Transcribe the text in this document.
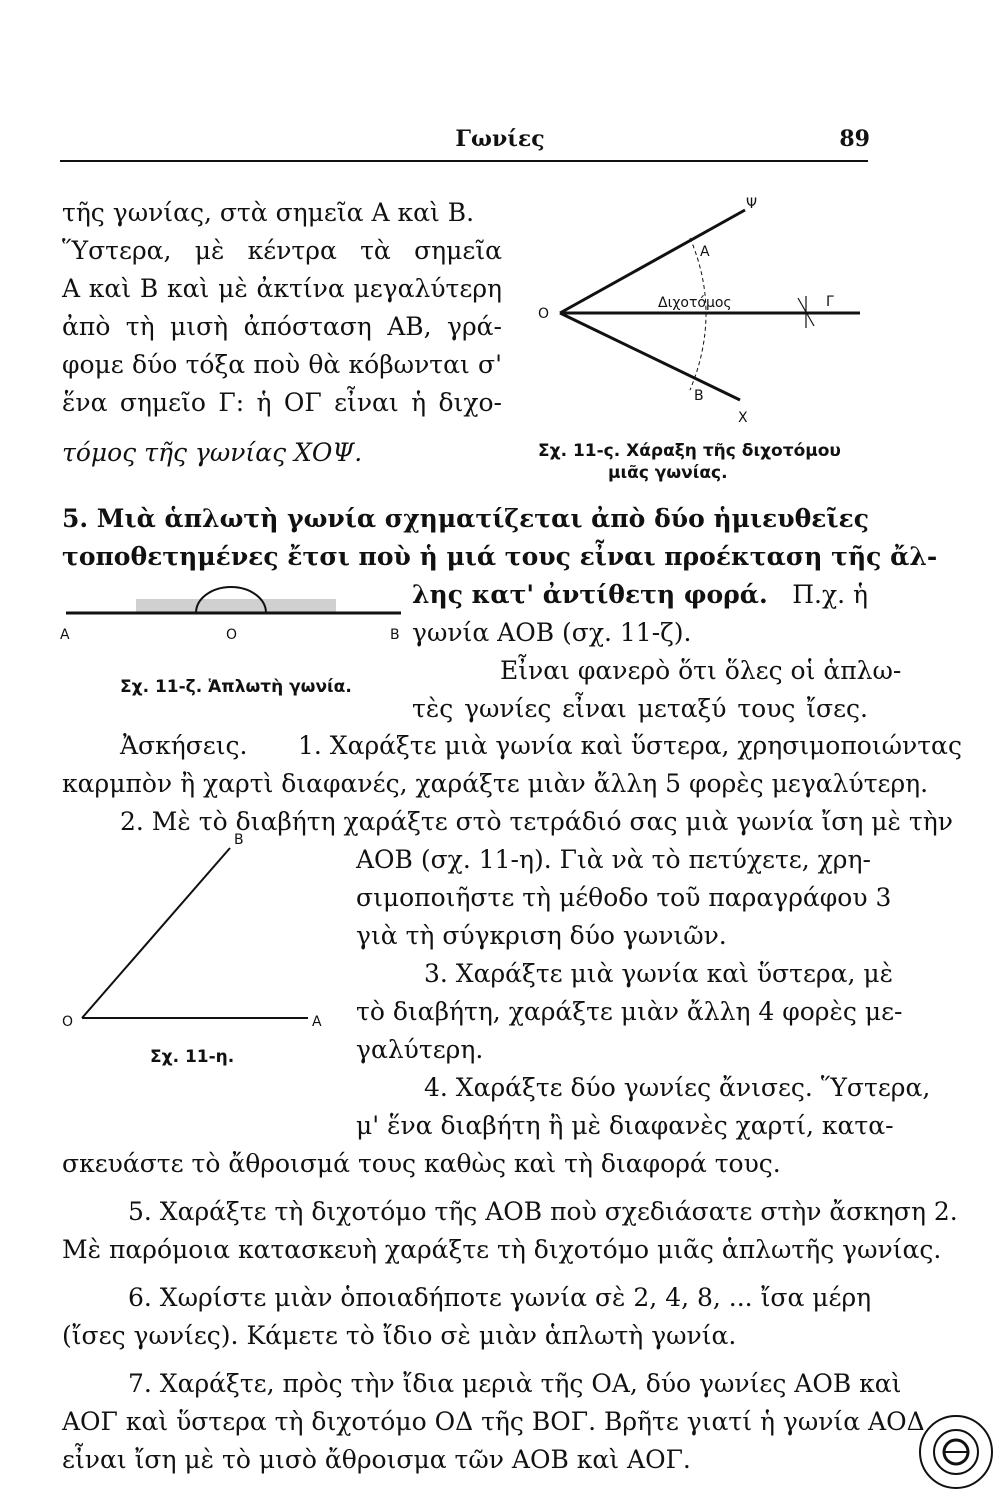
Γωνίες	89
τῆς γωνίας, στὰ σημεῖα Α καὶ Β.
Ὕστερα, μὲ κέντρα τὰ σημεῖα
Α καὶ Β καὶ μὲ ἀκτίνα μεγαλύτερη
ἀπὸ τὴ μισὴ ἀπόσταση ΑΒ, γρά-
φομε δύο τόξα ποὺ θὰ κόβωνται σ'
ἕνα σημεῖο Γ: ἡ ΟΓ εἶναι ἡ διχο-
τόμος τῆς γωνίας ΧΟΨ.
Ο
Α
Β
Γ
Χ
Ψ
Διχοτόμος
Σχ. 11-ς. Χάραξη τῆς διχοτόμου
μιᾶς γωνίας.
5. Μιὰ ἁπλωτὴ γωνία σχηματίζεται ἀπὸ δύο ἡμιευθεῖες
τοποθετημένες ἔτσι ποὺ ἡ μιά τους εἶναι προέκταση τῆς ἄλ-
λης κατ' ἀντίθετη φορά. Π.χ. ἡ
γωνία ΑΟΒ (σχ. 11-ζ).
Εἶναι φανερὸ ὅτι ὅλες οἱ ἁπλω-
τὲς γωνίες εἶναι μεταξύ τους ἴσες.
Α	Ο	Β
Σχ. 11-ζ. Ἁπλωτὴ γωνία.
Ἀσκήσεις. 1. Χαράξτε μιὰ γωνία καὶ ὕστερα, χρησιμοποιώντας
καρμπὸν ἢ χαρτὶ διαφανές, χαράξτε μιὰν ἄλλη 5 φορὲς μεγαλύτερη.
2. Μὲ τὸ διαβήτη χαράξτε στὸ τετράδιό σας μιὰ γωνία ἴση μὲ τὴν
ΑΟΒ (σχ. 11-η). Γιὰ νὰ τὸ πετύχετε, χρη-
σιμοποιῆστε τὴ μέθοδο τοῦ παραγράφου 3
γιὰ τὴ σύγκριση δύο γωνιῶν.
3. Χαράξτε μιὰ γωνία καὶ ὕστερα, μὲ
τὸ διαβήτη, χαράξτε μιὰν ἄλλη 4 φορὲς με-
γαλύτερη.
4. Χαράξτε δύο γωνίες ἄνισες. Ὕστερα,
μ' ἕνα διαβήτη ἢ μὲ διαφανὲς χαρτί, κατα-
σκευάστε τὸ ἄθροισμά τους καθὼς καὶ τὴ διαφορά τους.
Ο	Α
Β
Σχ. 11-η.
5. Χαράξτε τὴ διχοτόμο τῆς ΑΟΒ ποὺ σχεδιάσατε στὴν ἄσκηση 2.
Μὲ παρόμοια κατασκευὴ χαράξτε τὴ διχοτόμο μιᾶς ἁπλωτῆς γωνίας.
6. Χωρίστε μιὰν ὁποιαδήποτε γωνία σὲ 2, 4, 8, ... ἴσα μέρη
(ἴσες γωνίες). Κάμετε τὸ ἴδιο σὲ μιὰν ἁπλωτὴ γωνία.
7. Χαράξτε, πρὸς τὴν ἴδια μεριὰ τῆς ΟΑ, δύο γωνίες ΑΟΒ καὶ
ΑΟΓ καὶ ὕστερα τὴ διχοτόμο ΟΔ τῆς ΒΟΓ. Βρῆτε γιατί ἡ γωνία ΑΟΔ
εἶναι ἴση μὲ τὸ μισὸ ἄθροισμα τῶν ΑΟΒ καὶ ΑΟΓ.
